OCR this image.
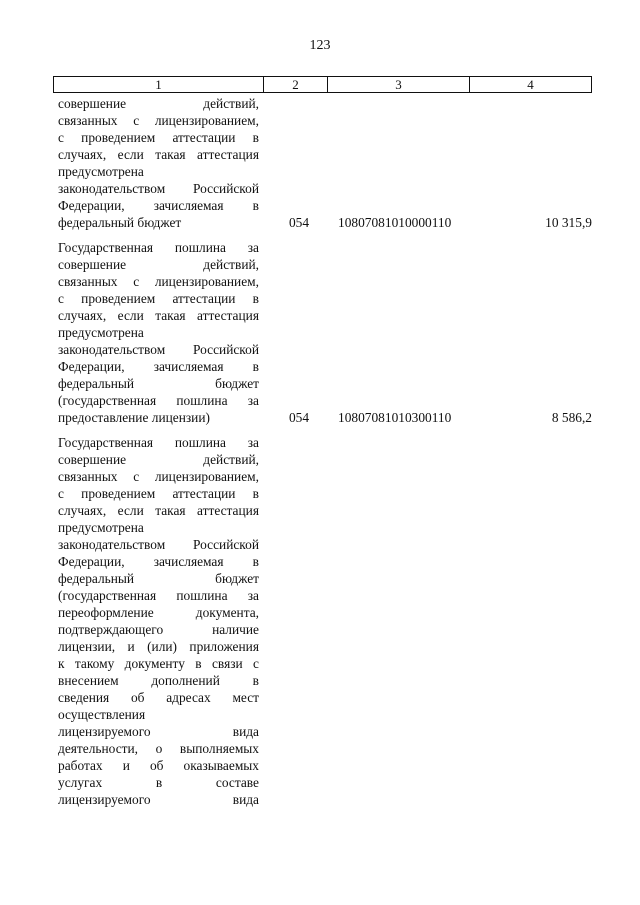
123
1	2	3	4
совершение действий,
связанных с лицензированием,
с проведением аттестации в
случаях, если такая аттестация
предусмотрена
законодательством Российской
Федерации, зачисляемая в
федеральный бюджет	054	10807081010000110	10 315,9
Государственная пошлина за
совершение действий,
связанных с лицензированием,
с проведением аттестации в
случаях, если такая аттестация
предусмотрена
законодательством Российской
Федерации, зачисляемая в
федеральный бюджет
(государственная пошлина за
предоставление лицензии)	054	10807081010300110	8 586,2
Государственная пошлина за
совершение действий,
связанных с лицензированием,
с проведением аттестации в
случаях, если такая аттестация
предусмотрена
законодательством Российской
Федерации, зачисляемая в
федеральный бюджет
(государственная пошлина за
переоформление документа,
подтверждающего наличие
лицензии, и (или) приложения
к такому документу в связи с
внесением дополнений в
сведения об адресах мест
осуществления
лицензируемого вида
деятельности, о выполняемых
работах и об оказываемых
услугах в составе
лицензируемого вида
